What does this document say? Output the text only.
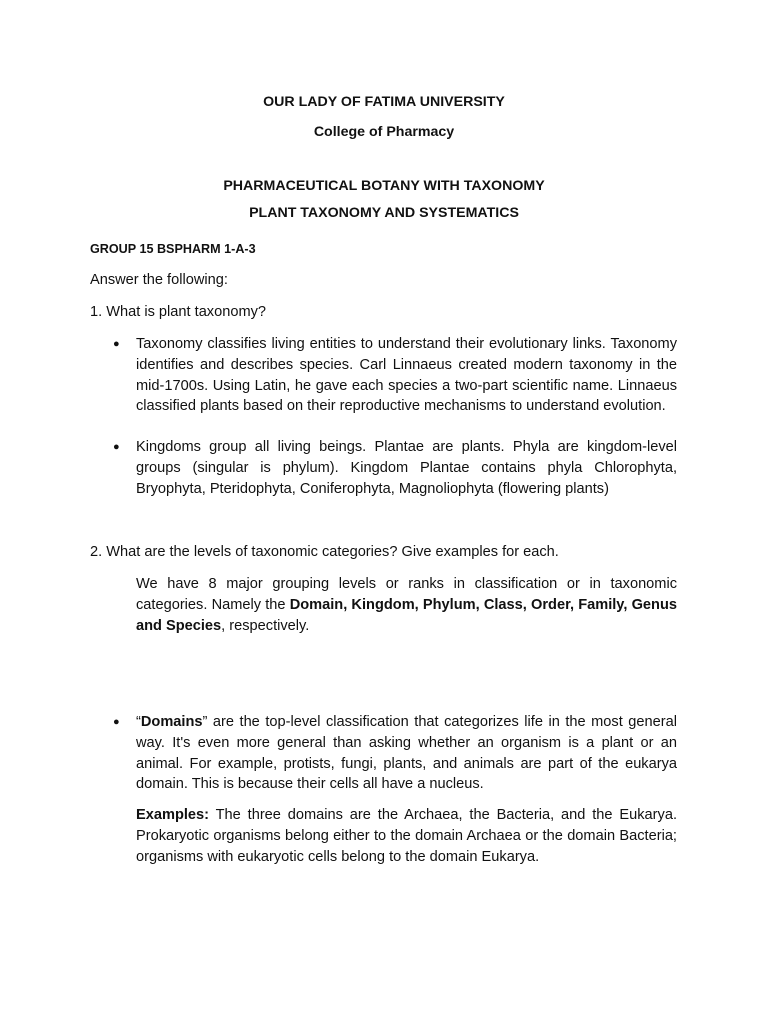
OUR LADY OF FATIMA UNIVERSITY
College of Pharmacy
PHARMACEUTICAL BOTANY WITH TAXONOMY
PLANT TAXONOMY AND SYSTEMATICS
GROUP 15 BSPHARM 1-A-3
Answer the following:
1. What is plant taxonomy?
● Taxonomy classifies living entities to understand their evolutionary links. Taxonomy identifies and describes species. Carl Linnaeus created modern taxonomy in the mid-1700s. Using Latin, he gave each species a two-part scientific name. Linnaeus classified plants based on their reproductive mechanisms to understand evolution.

● Kingdoms group all living beings. Plantae are plants. Phyla are kingdom-level groups (singular is phylum). Kingdom Plantae contains phyla Chlorophyta, Bryophyta, Pteridophyta, Coniferophyta, Magnoliophyta (flowering plants)

2. What are the levels of taxonomic categories? Give examples for each.

We have 8 major grouping levels or ranks in classification or in taxonomic categories. Namely the Domain, Kingdom, Phylum, Class, Order, Family, Genus and Species, respectively.

● “Domains” are the top-level classification that categorizes life in the most general way. It's even more general than asking whether an organism is a plant or an animal. For example, protists, fungi, plants, and animals are part of the eukarya domain. This is because their cells all have a nucleus.

Examples: The three domains are the Archaea, the Bacteria, and the Eukarya. Prokaryotic organisms belong either to the domain Archaea or the domain Bacteria; organisms with eukaryotic cells belong to the domain Eukarya.
